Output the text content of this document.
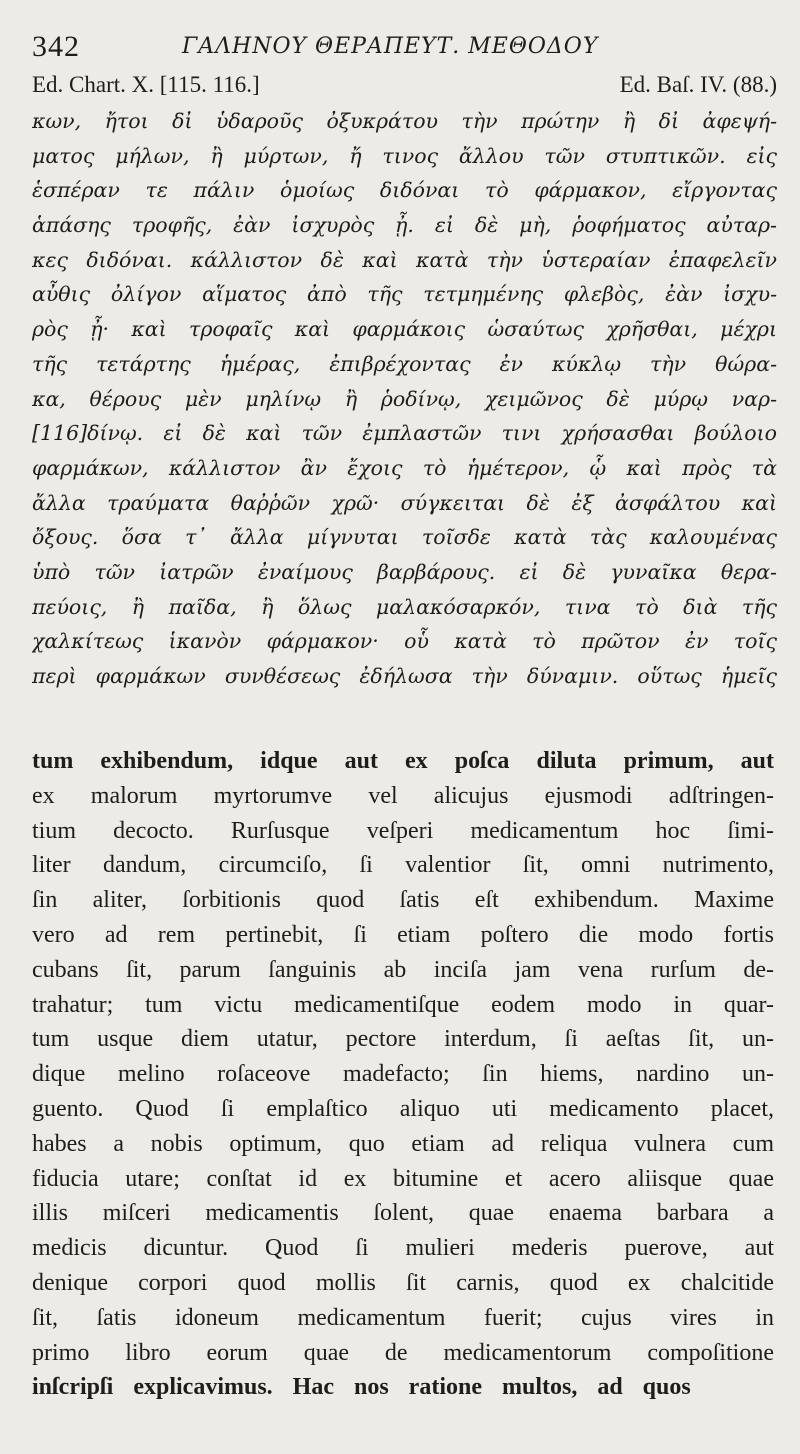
342	ΓΑΛΗΝΟΥ ΘΕΡΑΠΕΥΤ. ΜΕΘΟΔΟΥ
Ed. Chart. X. [115. 116.]	Ed. Baſ. IV. (88.)
κων, ἤτοι δἰ ὑδαροῦς ὀξυκράτου τὴν πρώτην ἢ δἰ ἀφεψή-
ματος μήλων, ἢ μύρτων, ἤ τινος ἄλλου τῶν στυπτικῶν. εἰς
ἑσπέραν τε πάλιν ὁμοίως διδόναι τὸ φάρμακον, εἴργοντας
ἁπάσης τροφῆς, ἐὰν ἰσχυρὸς ᾖ. εἰ δὲ μὴ, ῥοφήματος αὐταρ-
κες διδόναι. κάλλιστον δὲ καὶ κατὰ τὴν ὑστεραίαν ἐπαφελεῖν
αὖθις ὀλίγον αἵματος ἀπὸ τῆς τετμημένης φλεβὸς, ἐὰν ἰσχυ-
ρὸς ᾖ· καὶ τροφαῖς καὶ φαρμάκοις ὡσαύτως χρῆσθαι, μέχρι
τῆς τετάρτης ἡμέρας, ἐπιβρέχοντας ἐν κύκλῳ τὴν θώρα-
κα, θέρους μὲν μηλίνῳ ἢ ῥοδίνῳ, χειμῶνος δὲ μύρῳ ναρ-
[116]δίνῳ. εἰ δὲ καὶ τῶν ἐμπλαστῶν τινι χρήσασθαι βούλοιο
φαρμάκων, κάλλιστον ἂν ἔχοις τὸ ἡμέτερον, ᾧ καὶ πρὸς τὰ
ἄλλα τραύματα θαῤῥῶν χρῶ· σύγκειται δὲ ἐξ ἀσφάλτου καὶ
ὄξους. ὅσα τ᾽ ἄλλα μίγνυται τοῖσδε κατὰ τὰς καλουμένας
ὑπὸ τῶν ἰατρῶν ἐναίμους βαρβάρους. εἰ δὲ γυναῖκα θερα-
πεύοις, ἢ παῖδα, ἢ ὅλως μαλακόσαρκόν, τινα τὸ διὰ τῆς
χαλκίτεως ἱκανὸν φάρμακον· οὗ κατὰ τὸ πρῶτον ἐν τοῖς
περὶ φαρμάκων συνθέσεως ἐδήλωσα τὴν δύναμιν. οὕτως ἡμεῖς
tum exhibendum, idque aut ex poſca diluta primum, aut
ex malorum myrtorumve vel alicujus ejusmodi adſtringen-
tium decocto. Rurſusque veſperi medicamentum hoc ſimi-
liter dandum, circumciſo, ſi valentior ſit, omni nutrimento,
ſin aliter, ſorbitionis quod ſatis eſt exhibendum. Maxime
vero ad rem pertinebit, ſi etiam poſtero die modo fortis
cubans ſit, parum ſanguinis ab inciſa jam vena rurſum de-
trahatur; tum victu medicamentiſque eodem modo in quar-
tum usque diem utatur, pectore interdum, ſi aeſtas ſit, un-
dique melino roſaceove madefacto; ſin hiems, nardino un-
guento. Quod ſi emplaſtico aliquo uti medicamento placet,
habes a nobis optimum, quo etiam ad reliqua vulnera cum
fiducia utare; conſtat id ex bitumine et acero aliisque quae
illis miſceri medicamentis ſolent, quae enaema barbara a
medicis dicuntur. Quod ſi mulieri mederis puerove, aut
denique corpori quod mollis ſit carnis, quod ex chalcitide
ſit, ſatis idoneum medicamentum fuerit; cujus vires in
primo libro eorum quae de medicamentorum compoſitione
inſcripſi explicavimus. Hac nos ratione multos, ad quos
